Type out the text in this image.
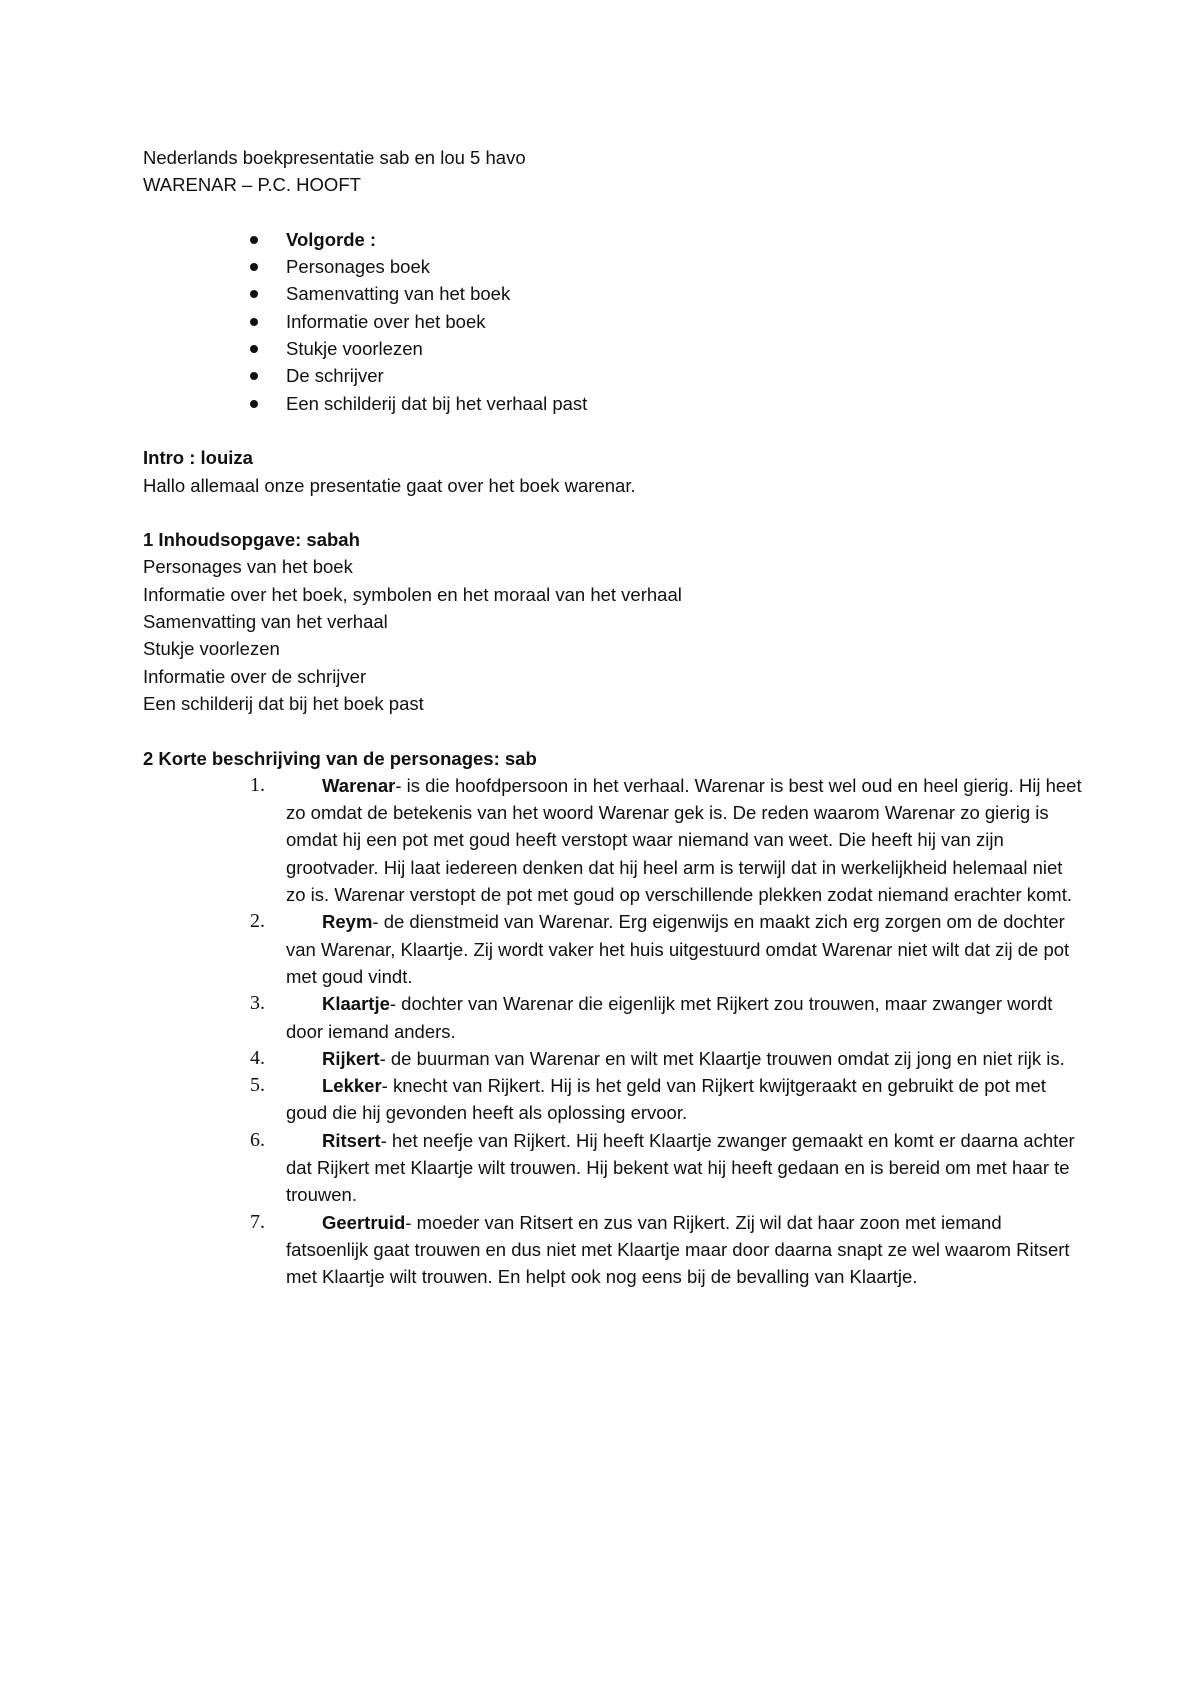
Nederlands boekpresentatie sab en lou 5 havo

WARENAR – P.C. HOOFT

Volgorde :
Personages boek
Samenvatting van het boek
Informatie over het boek
Stukje voorlezen
De schrijver
Een schilderij dat bij het verhaal past

Intro : louiza

Hallo allemaal onze presentatie gaat over het boek warenar.

1 Inhoudsopgave: sabah

Personages van het boek

Informatie over het boek, symbolen en het moraal van het verhaal

Samenvatting van het verhaal

Stukje voorlezen

Informatie over de schrijver

Een schilderij dat bij het boek past

2 Korte beschrijving van de personages: sab

1.	Warenar- is die hoofdpersoon in het verhaal. Warenar is best wel oud en heel gierig. Hij heet zo omdat de betekenis van het woord Warenar gek is. De reden waarom Warenar zo gierig is omdat hij een pot met goud heeft verstopt waar niemand van weet. Die heeft hij van zijn grootvader. Hij laat iedereen denken dat hij heel arm is terwijl dat in werkelijkheid helemaal niet zo is. Warenar verstopt de pot met goud op verschillende plekken zodat niemand erachter komt.
2.	Reym- de dienstmeid van Warenar. Erg eigenwijs en maakt zich erg zorgen om de dochter van Warenar, Klaartje. Zij wordt vaker het huis uitgestuurd omdat Warenar niet wilt dat zij de pot met goud vindt.
3.	Klaartje- dochter van Warenar die eigenlijk met Rijkert zou trouwen, maar zwanger wordt door iemand anders.
4.	Rijkert- de buurman van Warenar en wilt met Klaartje trouwen omdat zij jong en niet rijk is.
5.	Lekker- knecht van Rijkert. Hij is het geld van Rijkert kwijtgeraakt en gebruikt de pot met goud die hij gevonden heeft als oplossing ervoor.
6.	Ritsert- het neefje van Rijkert. Hij heeft Klaartje zwanger gemaakt en komt er daarna achter dat Rijkert met Klaartje wilt trouwen. Hij bekent wat hij heeft gedaan en is bereid om met haar te trouwen.
7.	Geertruid- moeder van Ritsert en zus van Rijkert. Zij wil dat haar zoon met iemand fatsoenlijk gaat trouwen en dus niet met Klaartje maar door daarna snapt ze wel waarom Ritsert met Klaartje wilt trouwen. En helpt ook nog eens bij de bevalling van Klaartje.
